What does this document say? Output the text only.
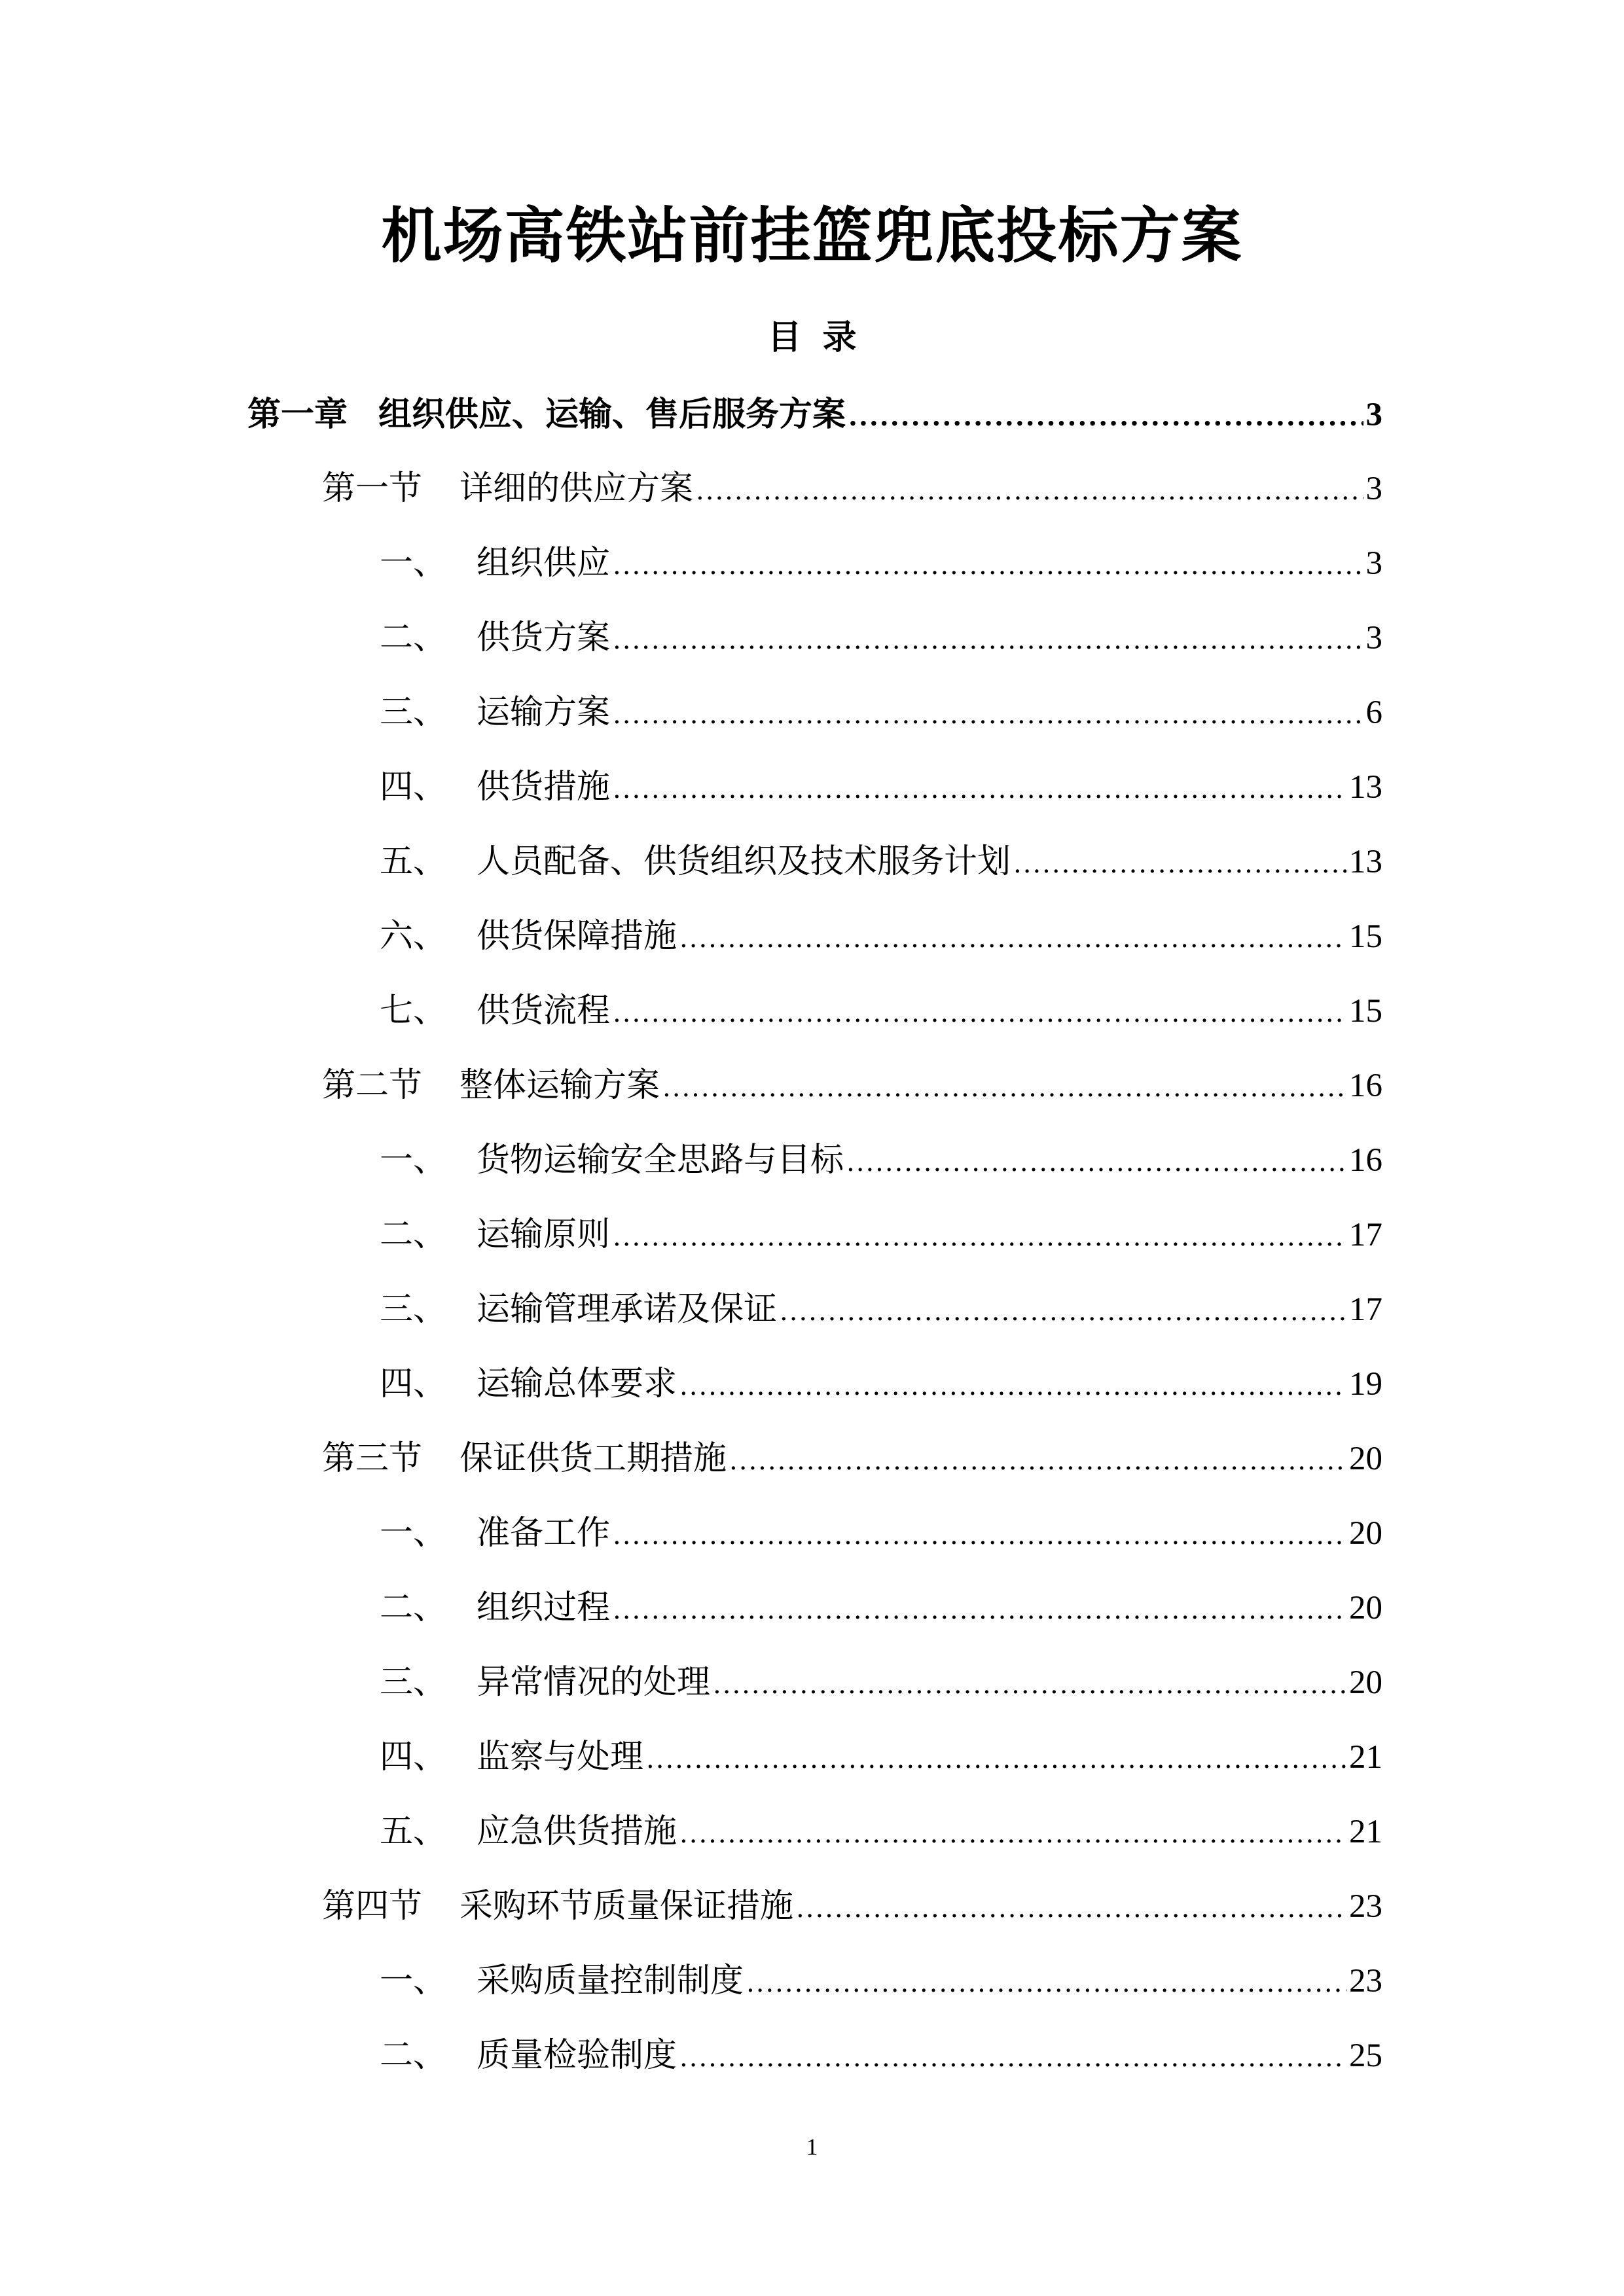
机场高铁站前挂篮兜底投标方案
目录
第一章 组织供应、运输、售后服务方案 .....	3
第一节	详细的供应方案 .....	3
一、 组织供应 .....	3
二、 供货方案 .....	3
三、 运输方案 .....	6
四、 供货措施 .....	13
五、 人员配备、供货组织及技术服务计划 .....	13
六、 供货保障措施 .....	15
七、 供货流程 .....	15
第二节	整体运输方案 .....	16
一、 货物运输安全思路与目标 .....	16
二、 运输原则 .....	17
三、 运输管理承诺及保证 .....	17
四、 运输总体要求 .....	19
第三节	保证供货工期措施 .....	20
一、 准备工作 .....	20
二、 组织过程 .....	20
三、 异常情况的处理 .....	20
四、 监察与处理 .....	21
五、 应急供货措施 .....	21
第四节	采购环节质量保证措施 .....	23
一、 采购质量控制制度 .....	23
二、 质量检验制度 .....	25
1
